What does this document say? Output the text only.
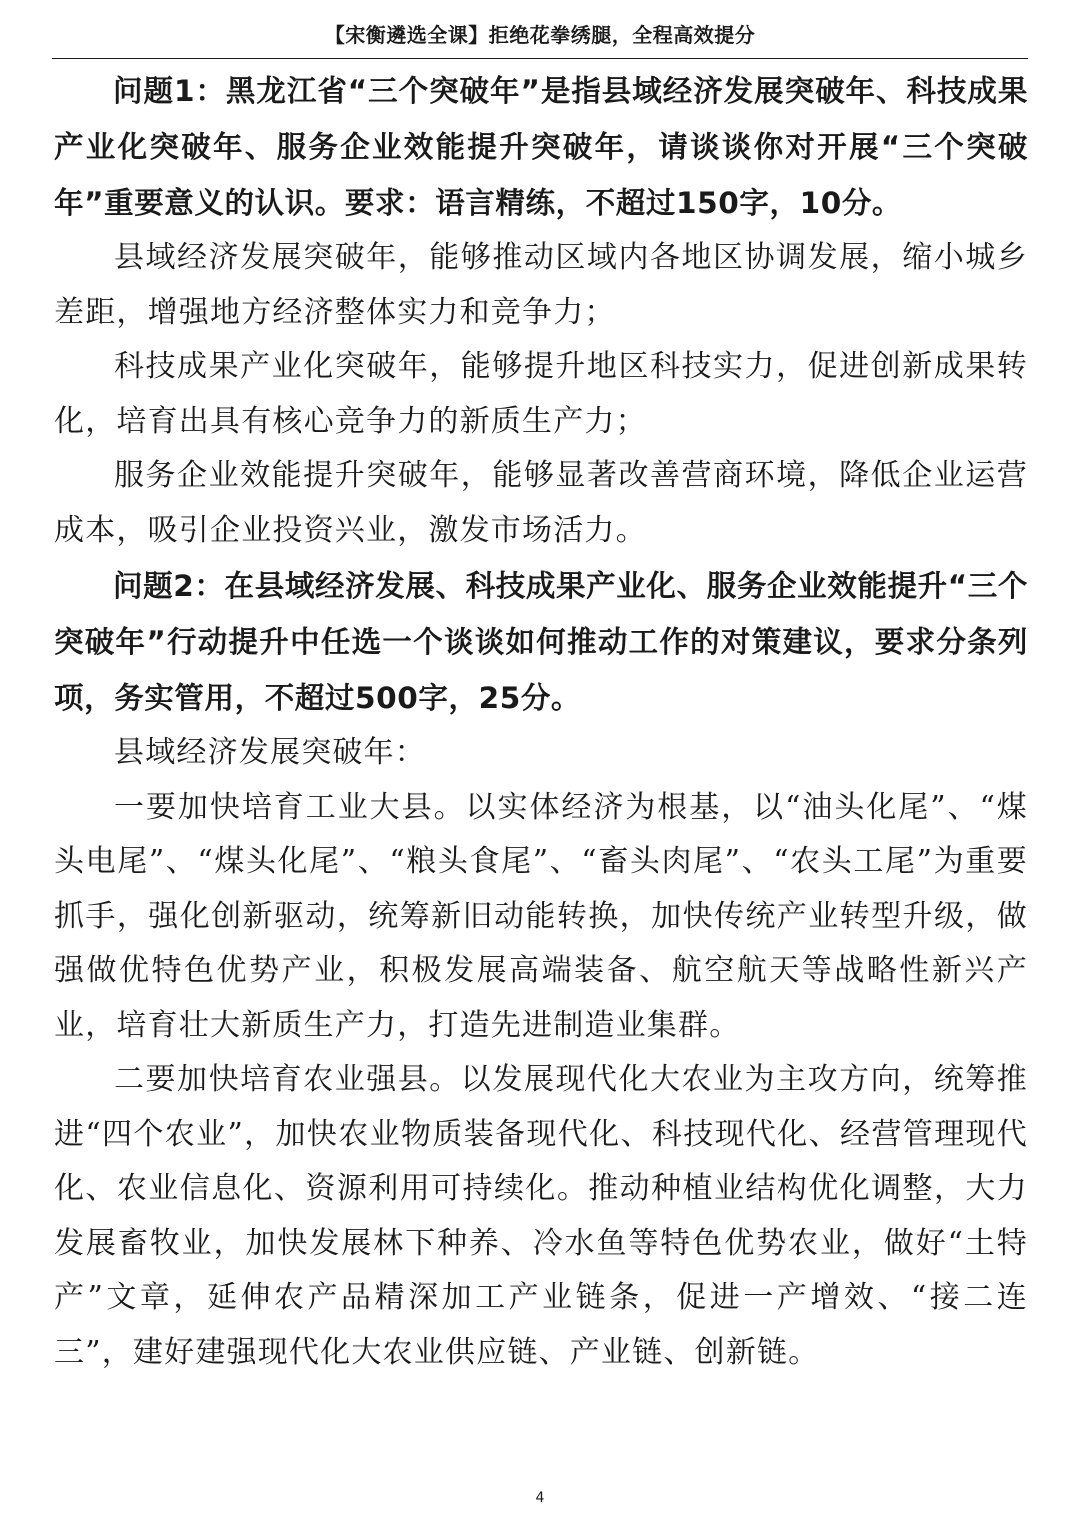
【宋衡遴选全课】拒绝花拳绣腿，全程高效提分

问题1：黑龙江省“三个突破年”是指县域经济发展突破年、科技成果产业化突破年、服务企业效能提升突破年，请谈谈你对开展“三个突破年”重要意义的认识。要求：语言精练，不超过150字，10分。

县域经济发展突破年，能够推动区域内各地区协调发展，缩小城乡差距，增强地方经济整体实力和竞争力；

科技成果产业化突破年，能够提升地区科技实力，促进创新成果转化，培育出具有核心竞争力的新质生产力；

服务企业效能提升突破年，能够显著改善营商环境，降低企业运营成本，吸引企业投资兴业，激发市场活力。

问题2：在县域经济发展、科技成果产业化、服务企业效能提升“三个突破年”行动提升中任选一个谈谈如何推动工作的对策建议，要求分条列项，务实管用，不超过500字，25分。

县域经济发展突破年：

一要加快培育工业大县。以实体经济为根基，以“油头化尾”、“煤头电尾”、“煤头化尾”、“粮头食尾”、“畜头肉尾”、“农头工尾”为重要抓手，强化创新驱动，统筹新旧动能转换，加快传统产业转型升级，做强做优特色优势产业，积极发展高端装备、航空航天等战略性新兴产业，培育壮大新质生产力，打造先进制造业集群。

二要加快培育农业强县。以发展现代化大农业为主攻方向，统筹推进“四个农业”，加快农业物质装备现代化、科技现代化、经营管理现代化、农业信息化、资源利用可持续化。推动种植业结构优化调整，大力发展畜牧业，加快发展林下种养、冷水鱼等特色优势农业，做好“土特产”文章，延伸农产品精深加工产业链条，促进一产增效、“接二连三”，建好建强现代化大农业供应链、产业链、创新链。

4
